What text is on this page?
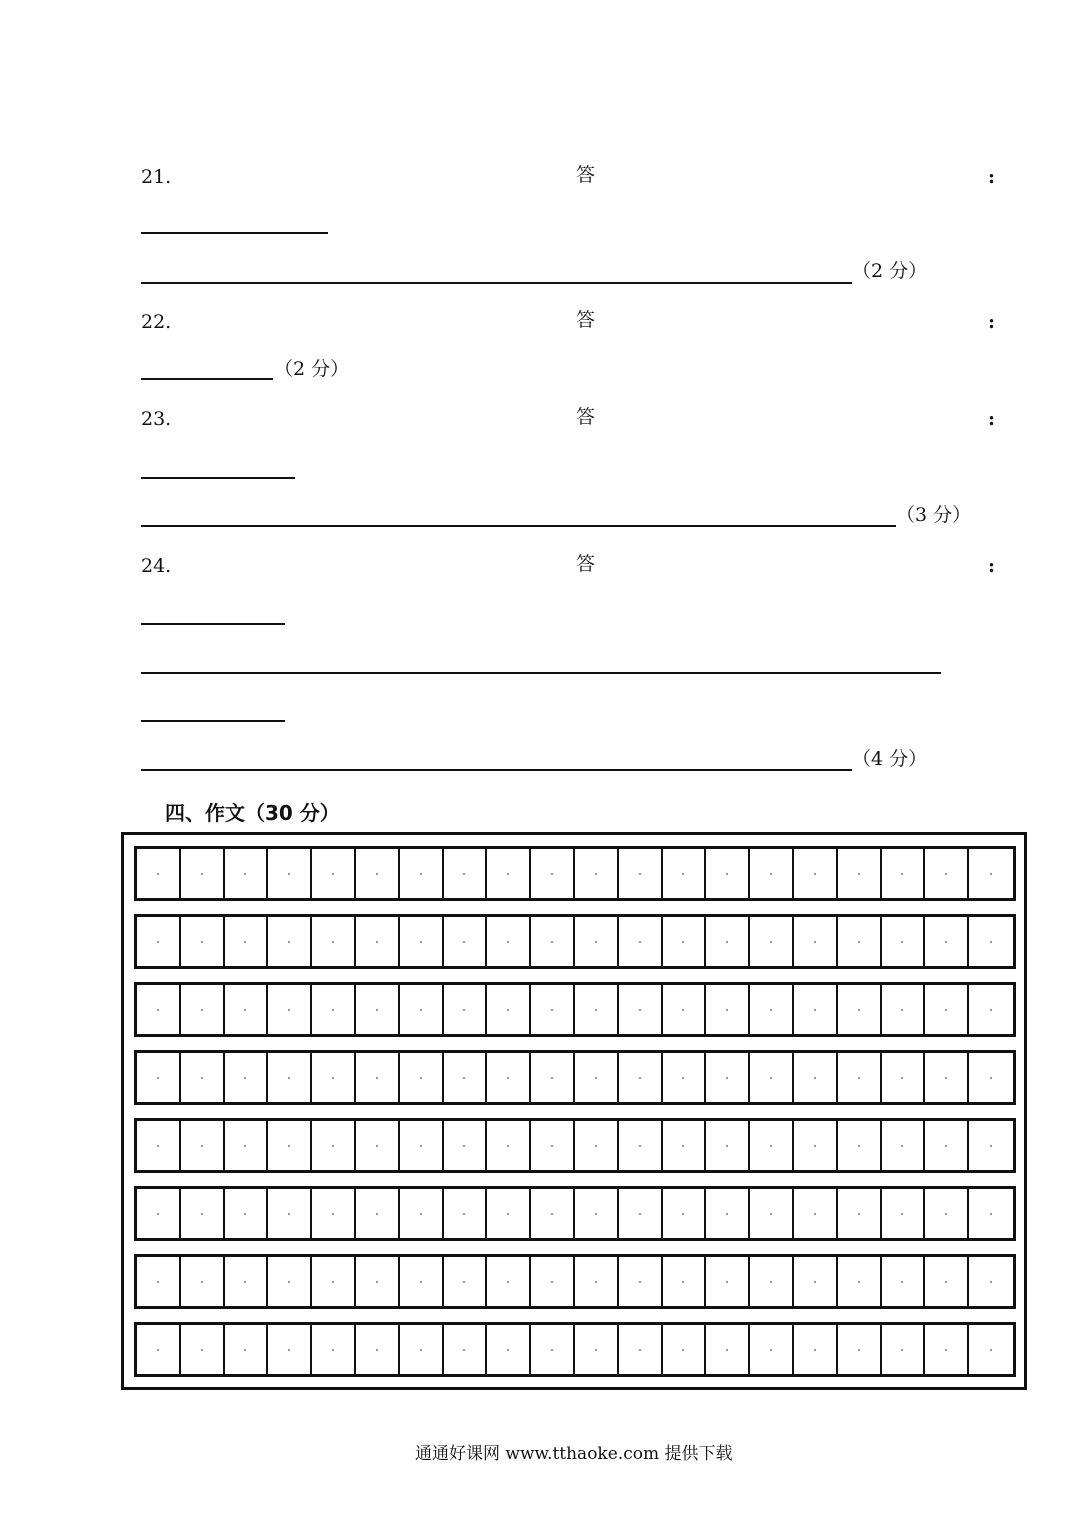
21.	答	:
（2 分）
22.	答	:
（2 分）
23.	答	:
（3 分）
24.	答	:
（4 分）
四、作文（30 分）
通通好课网 www.tthaoke.com 提供下载
